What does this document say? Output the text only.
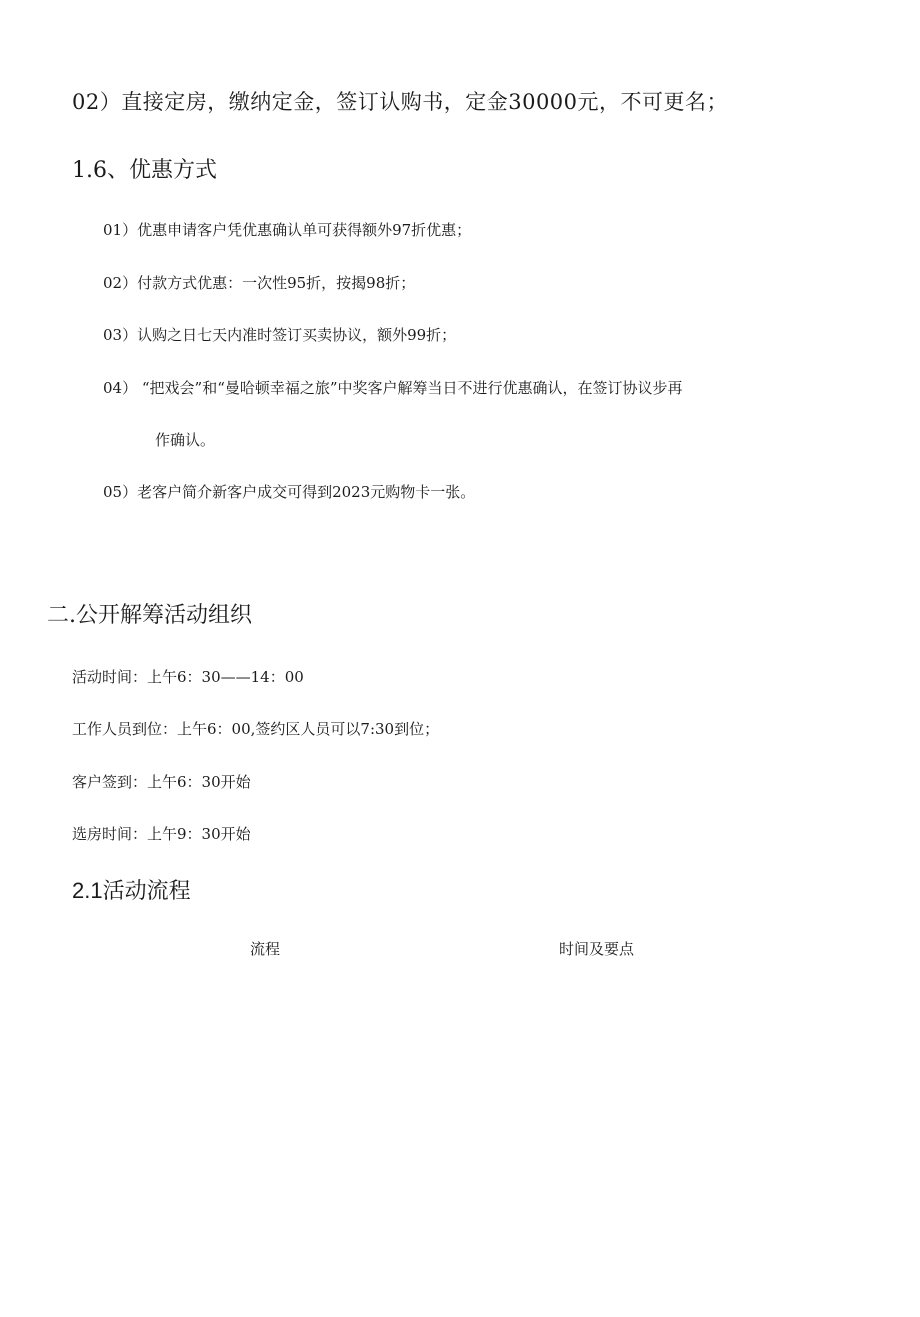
02）直接定房，缴纳定金，签订认购书，定金30000元，不可更名；
1.6、优惠方式
01）优惠申请客户凭优惠确认单可获得额外97折优惠；
02）付款方式优惠：一次性95折，按揭98折；
03）认购之日七天内准时签订买卖协议，额外99折；
04） “把戏会”和“曼哈顿幸福之旅”中奖客户解筹当日不进行优惠确认，在签订协议步再
作确认。
05）老客户简介新客户成交可得到2023元购物卡一张。
二.公开解筹活动组织
活动时间：上午6：30——14：00
工作人员到位：上午6：00,签约区人员可以7:30到位；
客户签到：上午6：30开始
选房时间：上午9：30开始
2.1活动流程
流程	时间及要点
